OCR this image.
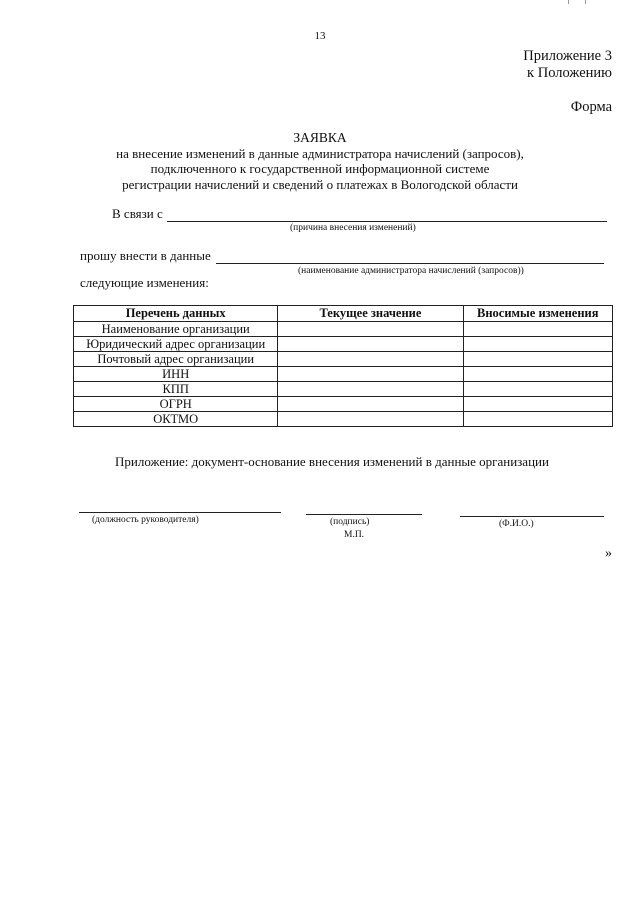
13
Приложение 3
к Положению
Форма
ЗАЯВКА
на внесение изменений в данные администратора начислений (запросов),
подключенного к государственной информационной системе
регистрации начислений и сведений о платежах в Вологодской области
В связи с
(причина внесения изменений)
прошу внести в данные
(наименование администратора начислений (запросов))
следующие изменения:
Перечень данных	Текущее значение	Вносимые изменения
Наименование организации		
Юридический адрес организации		
Почтовый адрес организации		
ИНН		
КПП		
ОГРН		
ОКТМО		
Приложение: документ-основание внесения изменений в данные организации
(должность руководителя)	(подпись)
М.П.
(Ф.И.О.)
»
